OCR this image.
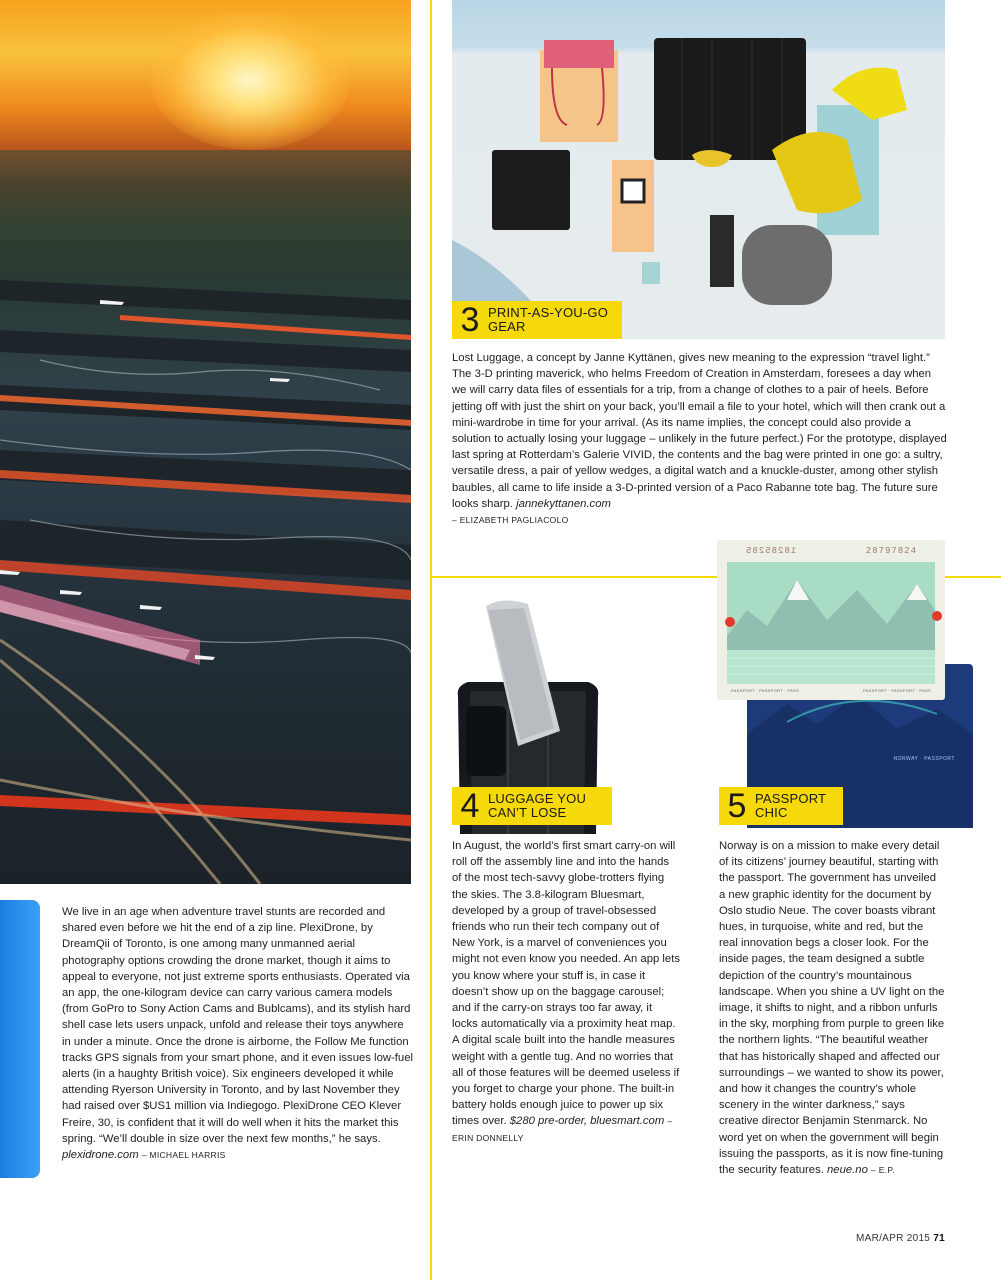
3 PRINT-AS-YOU-GO
GEAR
Lost Luggage, a concept by Janne Kyttänen, gives new meaning to the expression “travel light.” The 3-D printing maverick, who helms Freedom of Creation in Amsterdam, foresees a day when we will carry data files of essentials for a trip, from a change of clothes to a pair of heels. Before jetting off with just the shirt on your back, you’ll email a file to your hotel, which will then crank out a mini-wardrobe in time for your arrival. (As its name implies, the concept could also provide a solution to actually losing your luggage – unlikely in the future perfect.) For the prototype, displayed last spring at Rotterdam’s Galerie VIVID, the contents and the bag were printed in one go: a sultry, versatile dress, a pair of yellow wedges, a digital watch and a knuckle-duster, among other stylish baubles, all came to life inside a 3-D-printed version of a Paco Rabanne tote bag. The future sure looks sharp. jannekyttanen.com
– ELIZABETH PAGLIACOLO
4 LUGGAGE YOU
CAN’T LOSE
In August, the world’s first smart carry-on will roll off the assembly line and into the hands of the most tech-savvy globe-trotters flying the skies. The 3.8-kilogram Bluesmart, developed by a group of travel-obsessed friends who run their tech company out of New York, is a marvel of conveniences you might not even know you needed. An app lets you know where your stuff is, in case it doesn’t show up on the baggage carousel; and if the carry-on strays too far away, it locks automatically via a proximity heat map. A digital scale built into the handle measures weight with a gentle tug. And no worries that all of those features will be deemed useless if you forget to charge your phone. The built-in battery holds enough juice to power up six times over. $280 pre-order, bluesmart.com – ERIN DONNELLY
NORWAY · PASSPORT
18285285	28797824
PASSPORT · PASSPORT · PASS	PASSPORT · PASSPORT · PASS
5 PASSPORT
CHIC
Norway is on a mission to make every detail of its citizens’ journey beautiful, starting with the passport. The government has unveiled a new graphic identity for the document by Oslo studio Neue. The cover boasts vibrant hues, in turquoise, white and red, but the real innovation begs a closer look. For the inside pages, the team designed a subtle depiction of the country’s mountainous landscape. When you shine a UV light on the image, it shifts to night, and a ribbon unfurls in the sky, morphing from purple to green like the northern lights. “The beautiful weather that has historically shaped and affected our surroundings – we wanted to show its power, and how it changes the country’s whole scenery in the winter darkness,” says creative director Benjamin Stenmarck. No word yet on when the government will begin issuing the passports, as it is now fine-tuning the security features. neue.no – E.P.
We live in an age when adventure travel stunts are recorded and shared even before we hit the end of a zip line. PlexiDrone, by DreamQii of Toronto, is one among many unmanned aerial photography options crowding the drone market, though it aims to appeal to everyone, not just extreme sports enthusiasts. Operated via an app, the one-kilogram device can carry various camera models (from GoPro to Sony Action Cams and Bublcams), and its stylish hard shell case lets users unpack, unfold and release their toys anywhere in under a minute. Once the drone is airborne, the Follow Me function tracks GPS signals from your smart phone, and it even issues low-fuel alerts (in a haughty British voice). Six engineers developed it while attending Ryerson University in Toronto, and by last November they had raised over $US1 million via Indiegogo. PlexiDrone CEO Klever Freire, 30, is confident that it will do well when it hits the market this spring. “We’ll double in size over the next few months,” he says.
plexidrone.com – MICHAEL HARRIS
MAR/APR 2015 71
